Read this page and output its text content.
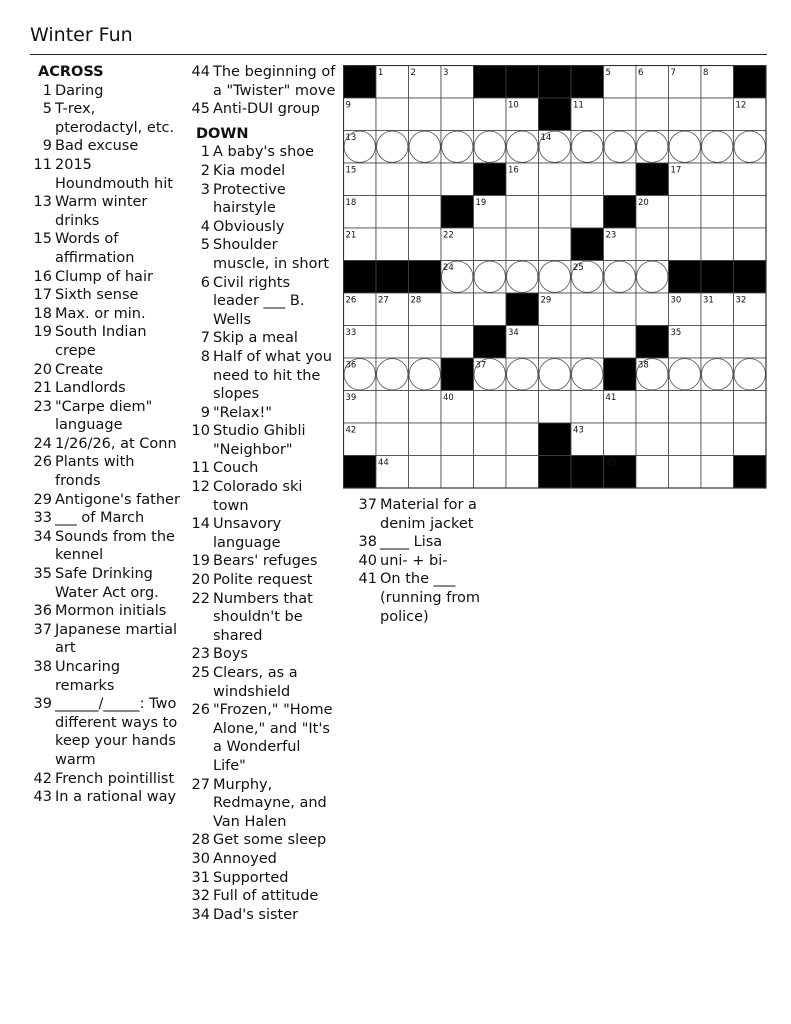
Winter Fun
ACROSS
1 Daring
5 T-rex, pterodactyl, etc.
9 Bad excuse
11 2015 Houndmouth hit
13 Warm winter drinks
15 Words of affirmation
16 Clump of hair
17 Sixth sense
18 Max. or min.
19 South Indian crepe
20 Create
21 Landlords
23 "Carpe diem" language
24 1/26/26, at Conn
26 Plants with fronds
29 Antigone's father
33 ___ of March
34 Sounds from the kennel
35 Safe Drinking Water Act org.
36 Mormon initials
37 Japanese martial art
38 Uncaring remarks
39 ______/_____: Two different ways to keep your hands warm
42 French pointillist
43 In a rational way
44 The beginning of a "Twister" move
45 Anti-DUI group
DOWN
1 A baby's shoe
2 Kia model
3 Protective hairstyle
4 Obviously
5 Shoulder muscle, in short
6 Civil rights leader ___ B. Wells
7 Skip a meal
8 Half of what you need to hit the slopes
9 "Relax!"
10 Studio Ghibli "Neighbor"
11 Couch
12 Colorado ski town
14 Unsavory language
19 Bears' refuges
20 Polite request
22 Numbers that shouldn't be shared
23 Boys
25 Clears, as a windshield
26 "Frozen," "Home Alone," and "It's a Wonderful Life"
27 Murphy, Redmayne, and Van Halen
28 Get some sleep
30 Annoyed
31 Supported
32 Full of attitude
34 Dad's sister
37 Material for a denim jacket
38 ____ Lisa
40 uni- + bi-
41 On the ___ (running from police)
1	2	3	4	5	6	7	8
9	10	11	12
13	14
15	16	17
18	19	20
21	22	23
24	25
26	27	28	29	30	31	32
33	34	35
36	37	38
39	40	41
42	43
44	45
